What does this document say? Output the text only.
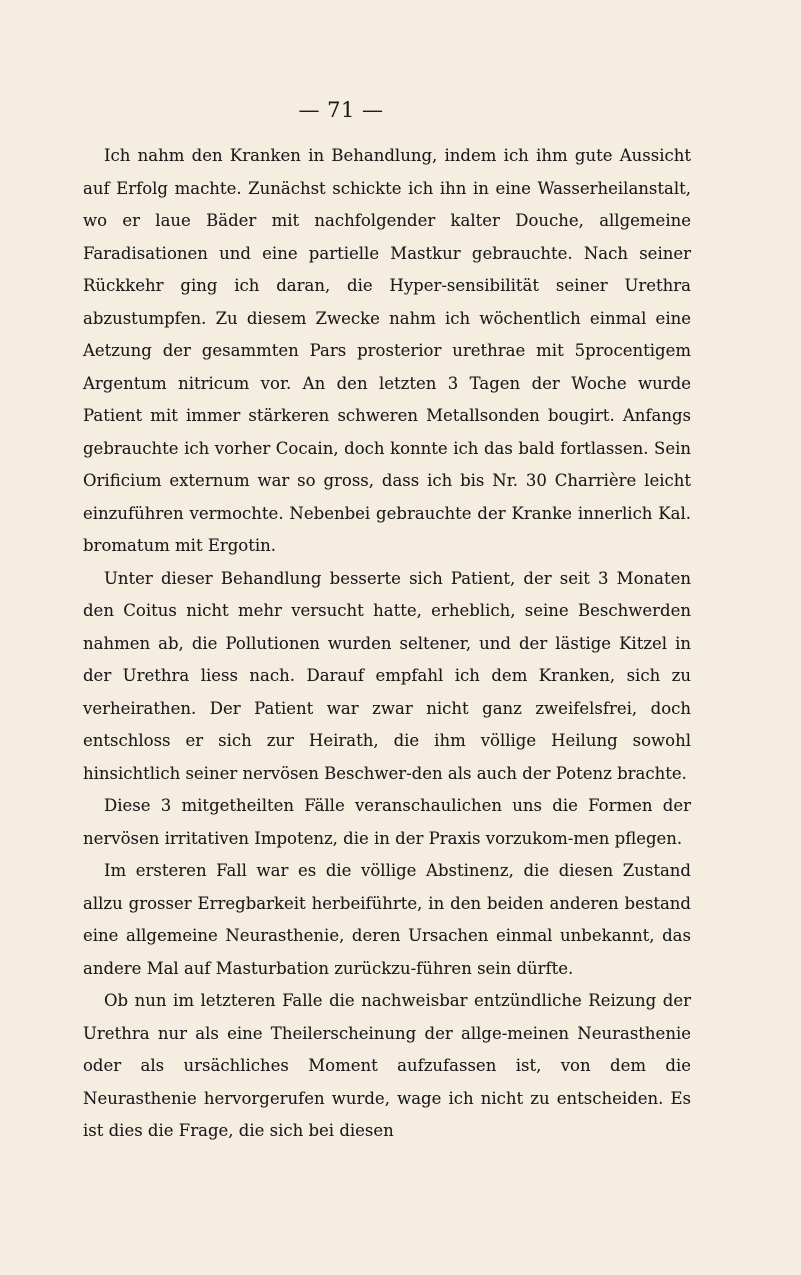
— 71 —

Ich nahm den Kranken in Behandlung, indem ich ihm gute Aussicht auf Erfolg machte. Zunächst schickte ich ihn in eine Wasserheilanstalt, wo er laue Bäder mit nachfolgender kalter Douche, allgemeine Faradisationen und eine partielle Mastkur gebrauchte. Nach seiner Rückkehr ging ich daran, die Hyper-sensibilität seiner Urethra abzustumpfen. Zu diesem Zwecke nahm ich wöchentlich einmal eine Aetzung der gesammten Pars prosterior urethrae mit 5procentigem Argentum nitricum vor. An den letzten 3 Tagen der Woche wurde Patient mit immer stärkeren schweren Metallsonden bougirt. Anfangs gebrauchte ich vorher Cocain, doch konnte ich das bald fortlassen. Sein Orificium externum war so gross, dass ich bis Nr. 30 Charrière leicht einzuführen vermochte. Nebenbei gebrauchte der Kranke innerlich Kal. bromatum mit Ergotin.

Unter dieser Behandlung besserte sich Patient, der seit 3 Monaten den Coitus nicht mehr versucht hatte, erheblich, seine Beschwerden nahmen ab, die Pollutionen wurden seltener, und der lästige Kitzel in der Urethra liess nach. Darauf empfahl ich dem Kranken, sich zu verheirathen. Der Patient war zwar nicht ganz zweifelsfrei, doch entschloss er sich zur Heirath, die ihm völlige Heilung sowohl hinsichtlich seiner nervösen Beschwer-den als auch der Potenz brachte.

Diese 3 mitgetheilten Fälle veranschaulichen uns die Formen der nervösen irritativen Impotenz, die in der Praxis vorzukom-men pflegen.

Im ersteren Fall war es die völlige Abstinenz, die diesen Zustand allzu grosser Erregbarkeit herbeiführte, in den beiden anderen bestand eine allgemeine Neurasthenie, deren Ursachen einmal unbekannt, das andere Mal auf Masturbation zurückzu-führen sein dürfte.

Ob nun im letzteren Falle die nachweisbar entzündliche Reizung der Urethra nur als eine Theilerscheinung der allge-meinen Neurasthenie oder als ursächliches Moment aufzufassen ist, von dem die Neurasthenie hervorgerufen wurde, wage ich nicht zu entscheiden. Es ist dies die Frage, die sich bei diesen
